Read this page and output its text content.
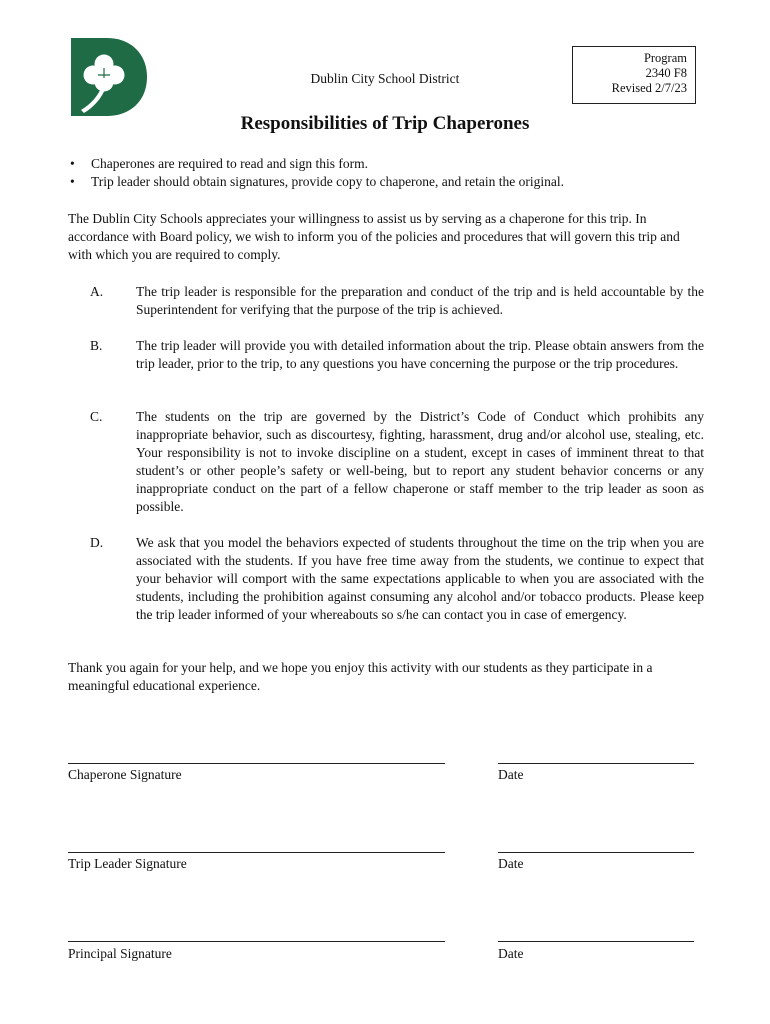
Dublin City School District
Program
2340 F8
Revised 2/7/23
Responsibilities of Trip Chaperones
• Chaperones are required to read and sign this form.
• Trip leader should obtain signatures, provide copy to chaperone, and retain the original.

The Dublin City Schools appreciates your willingness to assist us by serving as a chaperone for this trip. In accordance with Board policy, we wish to inform you of the policies and procedures that will govern this trip and with which you are required to comply.

A. The trip leader is responsible for the preparation and conduct of the trip and is held accountable by the Superintendent for verifying that the purpose of the trip is achieved.
B. The trip leader will provide you with detailed information about the trip. Please obtain answers from the trip leader, prior to the trip, to any questions you have concerning the purpose or the trip procedures.
C. The students on the trip are governed by the District’s Code of Conduct which prohibits any inappropriate behavior, such as discourtesy, fighting, harassment, drug and/or alcohol use, stealing, etc. Your responsibility is not to invoke discipline on a student, except in cases of imminent threat to that student’s or other people’s safety or well-being, but to report any student behavior concerns or any inappropriate conduct on the part of a fellow chaperone or staff member to the trip leader as soon as possible.
D. We ask that you model the behaviors expected of students throughout the time on the trip when you are associated with the students. If you have free time away from the students, we continue to expect that your behavior will comport with the same expectations applicable to when you are associated with the students, including the prohibition against consuming any alcohol and/or tobacco products. Please keep the trip leader informed of your whereabouts so s/he can contact you in case of emergency.

Thank you again for your help, and we hope you enjoy this activity with our students as they participate in a meaningful educational experience.

Chaperone Signature	Date
Trip Leader Signature	Date
Principal Signature	Date
